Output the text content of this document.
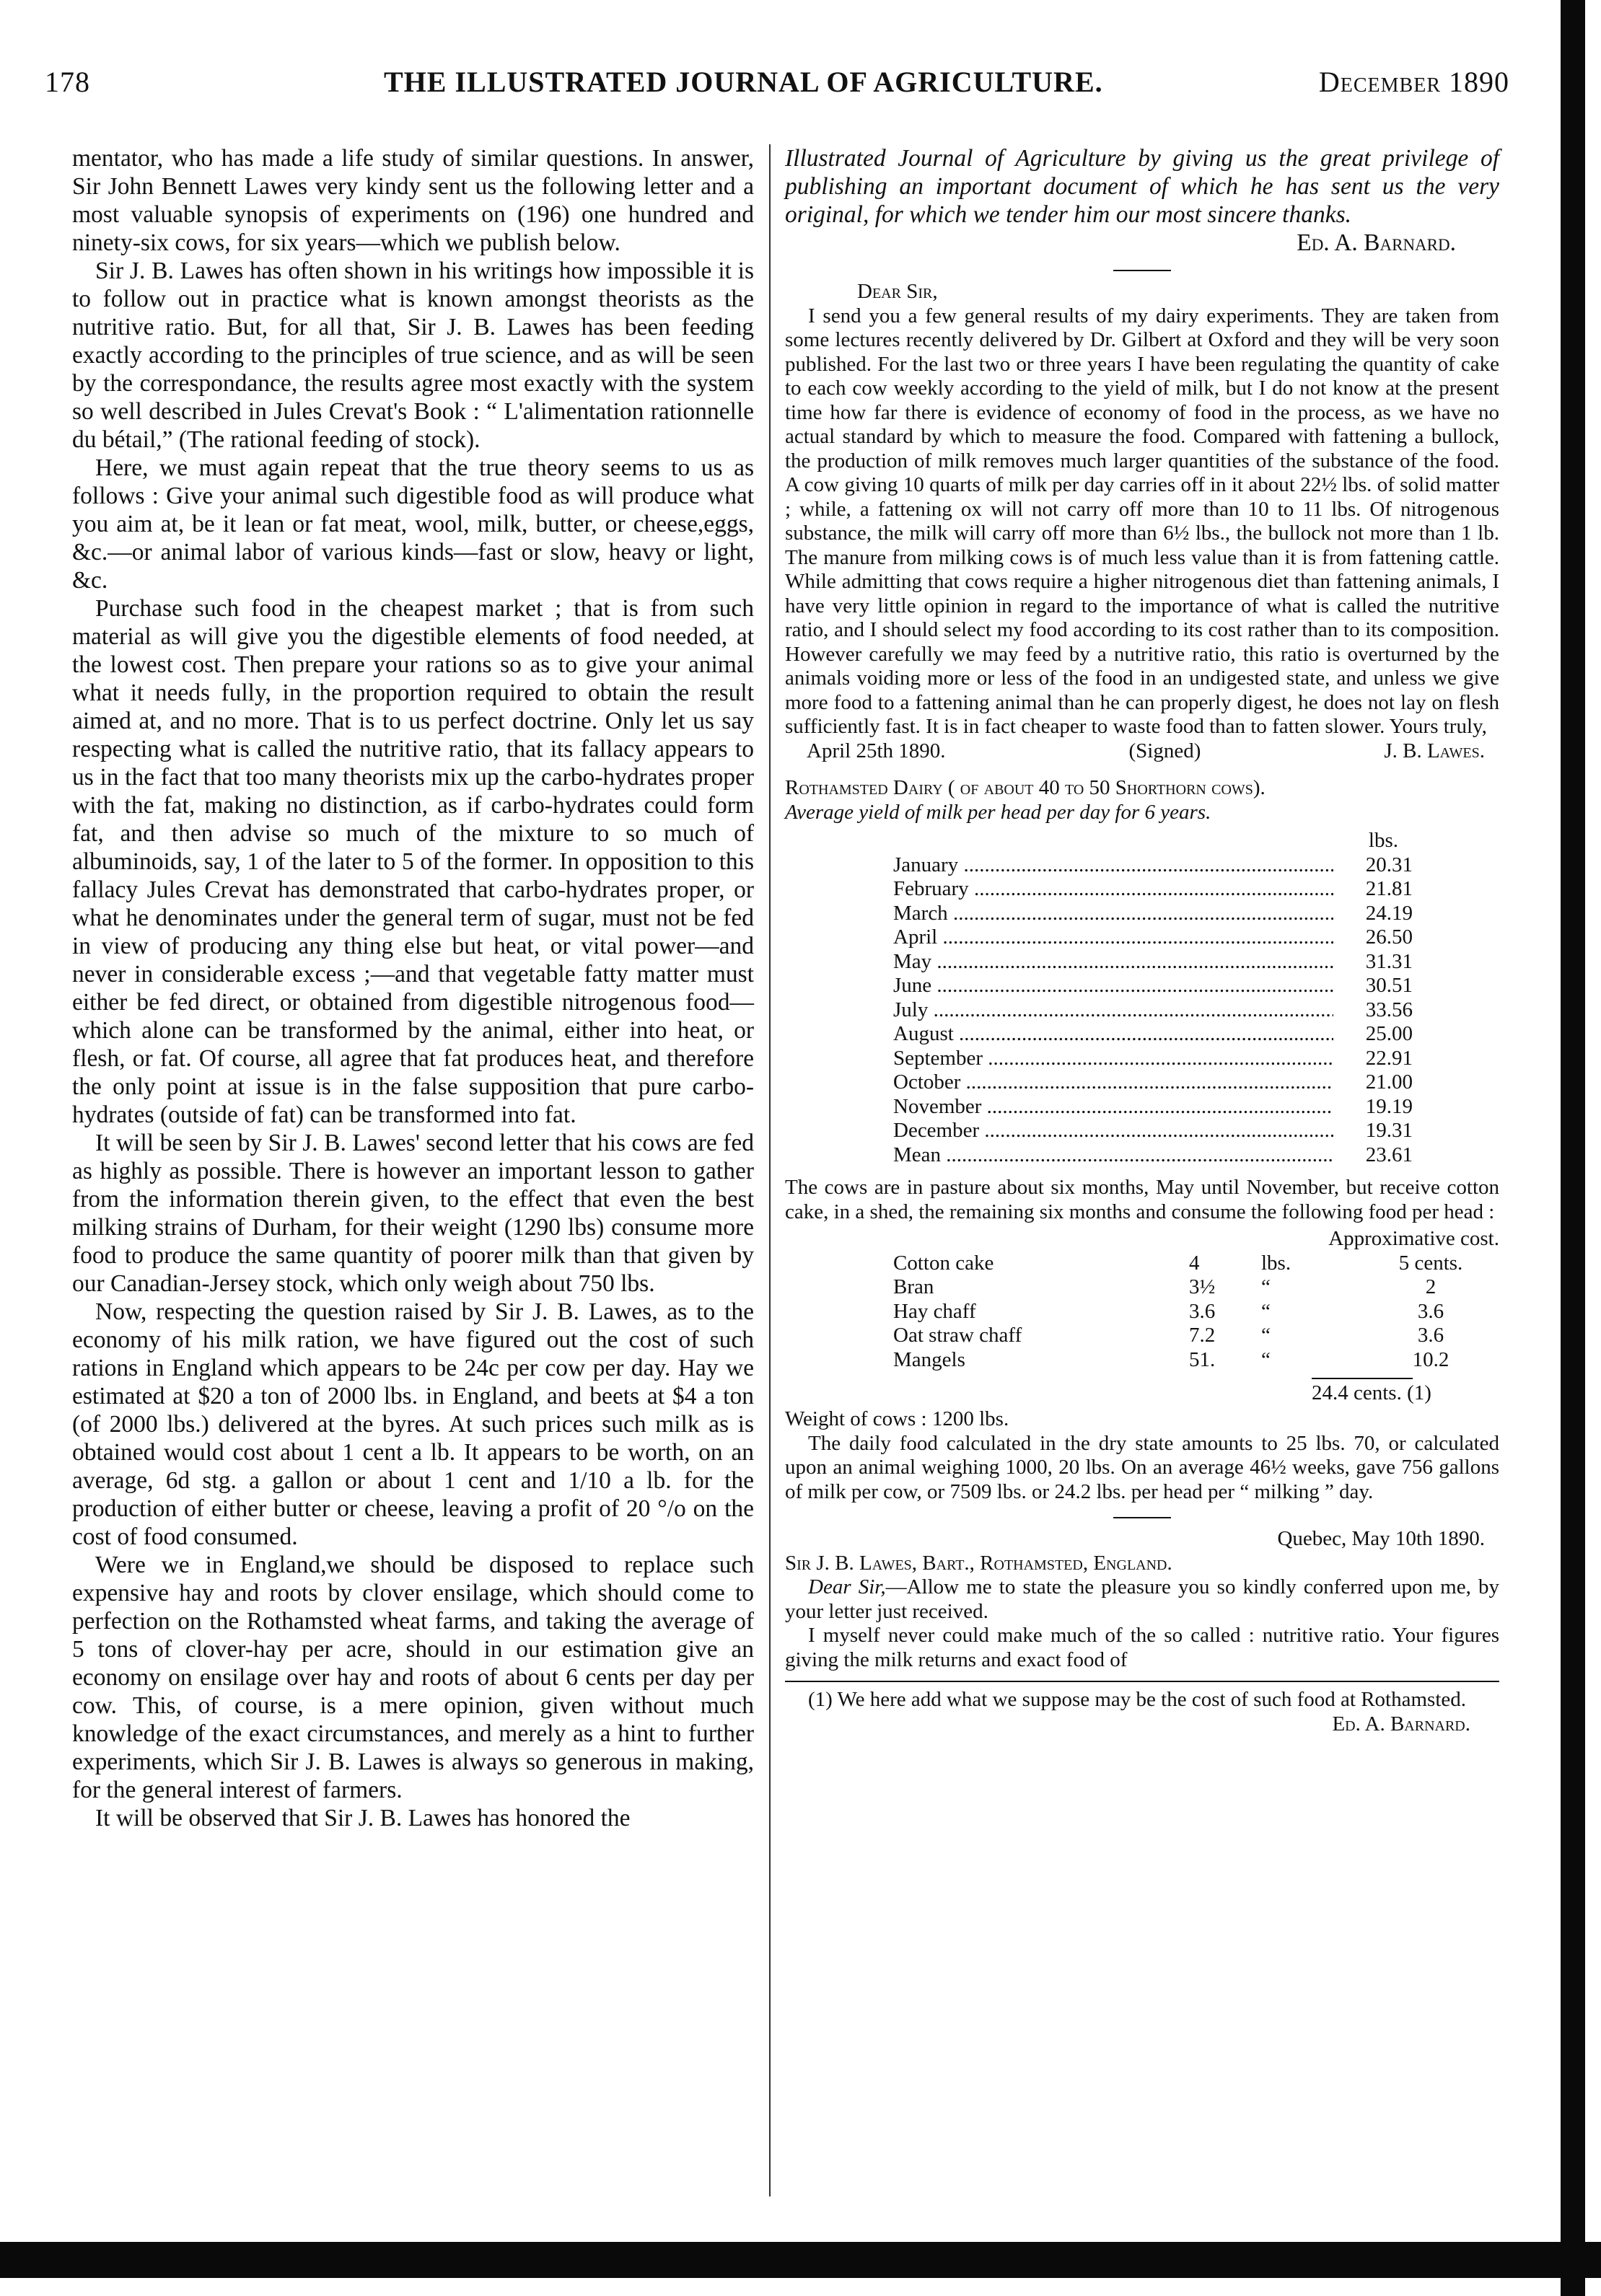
178	THE ILLUSTRATED JOURNAL OF AGRICULTURE.	December 1890

mentator, who has made a life study of similar questions. In answer, Sir John Bennett Lawes very kindy sent us the following letter and a most valuable synopsis of experiments on (196) one hundred and ninety-six cows, for six years—which we publish below.

Sir J. B. Lawes has often shown in his writings how impossible it is to follow out in practice what is known amongst theorists as the nutritive ratio. But, for all that, Sir J. B. Lawes has been feeding exactly according to the principles of true science, and as will be seen by the correspondance, the results agree most exactly with the system so well described in Jules Crevat's Book : “ L'alimentation rationnelle du bétail,” (The rational feeding of stock).

Here, we must again repeat that the true theory seems to us as follows : Give your animal such digestible food as will produce what you aim at, be it lean or fat meat, wool, milk, butter, or cheese,eggs, &c.—or animal labor of various kinds—fast or slow, heavy or light, &c.

Purchase such food in the cheapest market ; that is from such material as will give you the digestible elements of food needed, at the lowest cost. Then prepare your rations so as to give your animal what it needs fully, in the proportion required to obtain the result aimed at, and no more. That is to us perfect doctrine. Only let us say respecting what is called the nutritive ratio, that its fallacy appears to us in the fact that too many theorists mix up the carbo-hydrates proper with the fat, making no distinction, as if carbo-hydrates could form fat, and then advise so much of the mixture to so much of albuminoids, say, 1 of the later to 5 of the former. In opposition to this fallacy Jules Crevat has demonstrated that carbo-hydrates proper, or what he denominates under the general term of sugar, must not be fed in view of producing any thing else but heat, or vital power—and never in considerable excess ;—and that vegetable fatty matter must either be fed direct, or obtained from digestible nitrogenous food—which alone can be transformed by the animal, either into heat, or flesh, or fat. Of course, all agree that fat produces heat, and therefore the only point at issue is in the false supposition that pure carbo-hydrates (outside of fat) can be transformed into fat.

It will be seen by Sir J. B. Lawes' second letter that his cows are fed as highly as possible. There is however an important lesson to gather from the information therein given, to the effect that even the best milking strains of Durham, for their weight (1290 lbs) consume more food to produce the same quantity of poorer milk than that given by our Canadian-Jersey stock, which only weigh about 750 lbs.

Now, respecting the question raised by Sir J. B. Lawes, as to the economy of his milk ration, we have figured out the cost of such rations in England which appears to be 24c per cow per day. Hay we estimated at $20 a ton of 2000 lbs. in England, and beets at $4 a ton (of 2000 lbs.) delivered at the byres. At such prices such milk as is obtained would cost about 1 cent a lb. It appears to be worth, on an average, 6d stg. a gallon or about 1 cent and 1/10 a lb. for the production of either butter or cheese, leaving a profit of 20 °/o on the cost of food consumed.

Were we in England,we should be disposed to replace such expensive hay and roots by clover ensilage, which should come to perfection on the Rothamsted wheat farms, and taking the average of 5 tons of clover-hay per acre, should in our estimation give an economy on ensilage over hay and roots of about 6 cents per day per cow. This, of course, is a mere opinion, given without much knowledge of the exact circumstances, and merely as a hint to further experiments, which Sir J. B. Lawes is always so generous in making, for the general interest of farmers.

It will be observed that Sir J. B. Lawes has honored the

Illustrated Journal of Agriculture by giving us the great privilege of publishing an important document of which he has sent us the very original, for which we tender him our most sincere thanks.

Ed. A. Barnard.

Dear Sir,

I send you a few general results of my dairy experiments. They are taken from some lectures recently delivered by Dr. Gilbert at Oxford and they will be very soon published. For the last two or three years I have been regulating the quantity of cake to each cow weekly according to the yield of milk, but I do not know at the present time how far there is evidence of economy of food in the process, as we have no actual standard by which to measure the food. Compared with fattening a bullock, the production of milk removes much larger quantities of the substance of the food. A cow giving 10 quarts of milk per day carries off in it about 22½ lbs. of solid matter ; while, a fattening ox will not carry off more than 10 to 11 lbs. Of nitrogenous substance, the milk will carry off more than 6½ lbs., the bullock not more than 1 lb. The manure from milking cows is of much less value than it is from fattening cattle. While admitting that cows require a higher nitrogenous diet than fattening animals, I have very little opinion in regard to the importance of what is called the nutritive ratio, and I should select my food according to its cost rather than to its composition. However carefully we may feed by a nutritive ratio, this ratio is overturned by the animals voiding more or less of the food in an undigested state, and unless we give more food to a fattening animal than he can properly digest, he does not lay on flesh sufficiently fast. It is in fact cheaper to waste food than to fatten slower. Yours truly,

April 25th 1890.	(Signed)	J. B. Lawes.

Rothamsted Dairy ( of about 40 to 50 Shorthorn cows).

Average yield of milk per head per day for 6 years.

lbs.
January .....	20.31
February .....	21.81
March .....	24.19
April .....	26.50
May .....	31.31
June .....	30.51
July .....	33.56
August .....	25.00
September .....	22.91
October .....	21.00
November .....	19.19
December .....	19.31
Mean .....	23.61

The cows are in pasture about six months, May until November, but receive cotton cake, in a shed, the remaining six months and consume the following food per head :

Approximative cost.
Cotton cake	4	lbs.	5 cents.
Bran	3½	“	2
Hay chaff	3.6	“	3.6
Oat straw chaff	7.2	“	3.6
Mangels	51.	“	10.2
24.4 cents. (1)

Weight of cows : 1200 lbs.

The daily food calculated in the dry state amounts to 25 lbs. 70, or calculated upon an animal weighing 1000, 20 lbs. On an average 46½ weeks, gave 756 gallons of milk per cow, or 7509 lbs. or 24.2 lbs. per head per “ milking ” day.

Quebec, May 10th 1890.

Sir J. B. Lawes, Bart., Rothamsted, England.

Dear Sir,—Allow me to state the pleasure you so kindly conferred upon me, by your letter just received.

I myself never could make much of the so called : nutritive ratio. Your figures giving the milk returns and exact food of

(1) We here add what we suppose may be the cost of such food at Rothamsted.

Ed. A. Barnard.
